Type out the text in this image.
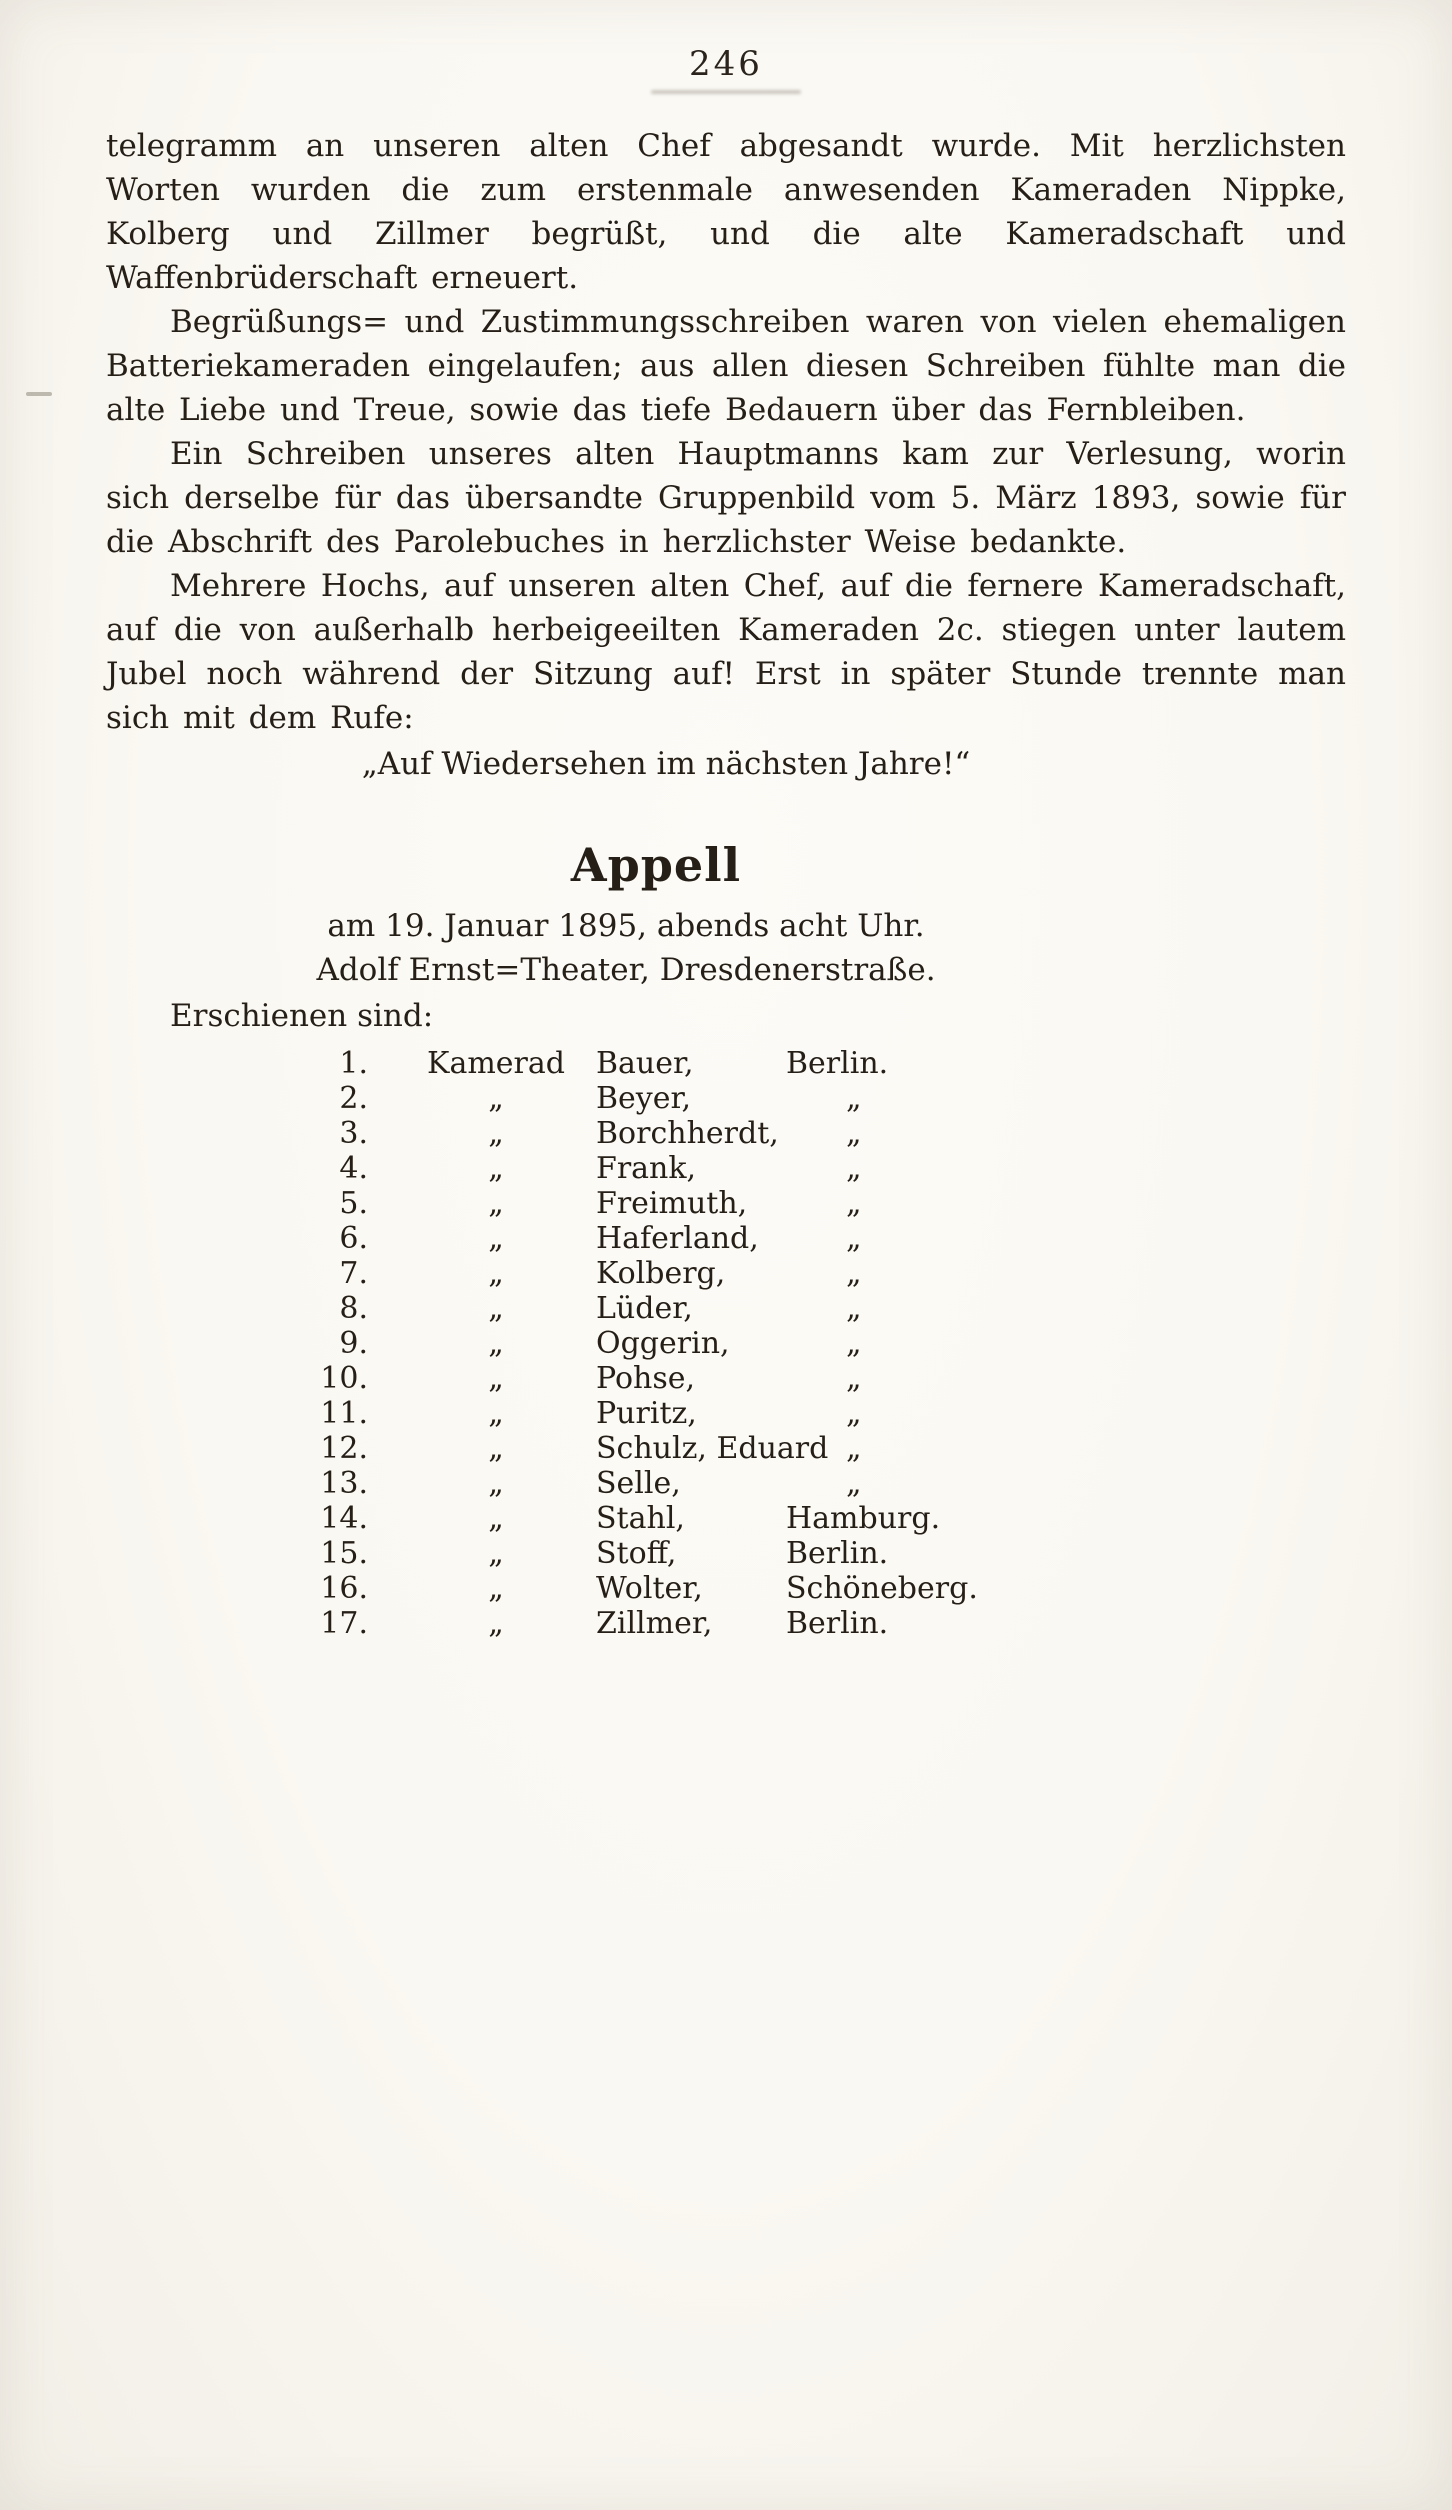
246

telegramm an unseren alten Chef abgesandt wurde. Mit herzlichsten Worten wurden die zum erstenmale anwesenden Kameraden Nippke, Kolberg und Zillmer begrüßt, und die alte Kameradschaft und Waffenbrüderschaft erneuert.

Begrüßungs= und Zustimmungsschreiben waren von vielen ehemaligen Batteriekameraden eingelaufen; aus allen diesen Schreiben fühlte man die alte Liebe und Treue, sowie das tiefe Bedauern über das Fernbleiben.

Ein Schreiben unseres alten Hauptmanns kam zur Verlesung, worin sich derselbe für das übersandte Gruppenbild vom 5. März 1893, sowie für die Abschrift des Parolebuches in herzlichster Weise bedankte.

Mehrere Hochs, auf unseren alten Chef, auf die fernere Kameradschaft, auf die von außerhalb herbeigeeilten Kameraden 2c. stiegen unter lautem Jubel noch während der Sitzung auf! Erst in später Stunde trennte man sich mit dem Rufe:

„Auf Wiedersehen im nächsten Jahre!“
Appell
am 19. Januar 1895, abends acht Uhr.
Adolf Ernst=Theater, Dresdenerstraße.
Erschienen sind:
1.	Kamerad	Bauer,	Berlin.
2.	„	Beyer,	„
3.	„	Borchherdt,	„
4.	„	Frank,	„
5.	„	Freimuth,	„
6.	„	Haferland,	„
7.	„	Kolberg,	„
8.	„	Lüder,	„
9.	„	Oggerin,	„
10.	„	Pohse,	„
11.	„	Puritz,	„
12.	„	Schulz, Eduard „
13.	„	Selle,	„
14.	„	Stahl,	Hamburg.
15.	„	Stoff,	Berlin.
16.	„	Wolter,	Schöneberg.
17.	„	Zillmer,	Berlin.
